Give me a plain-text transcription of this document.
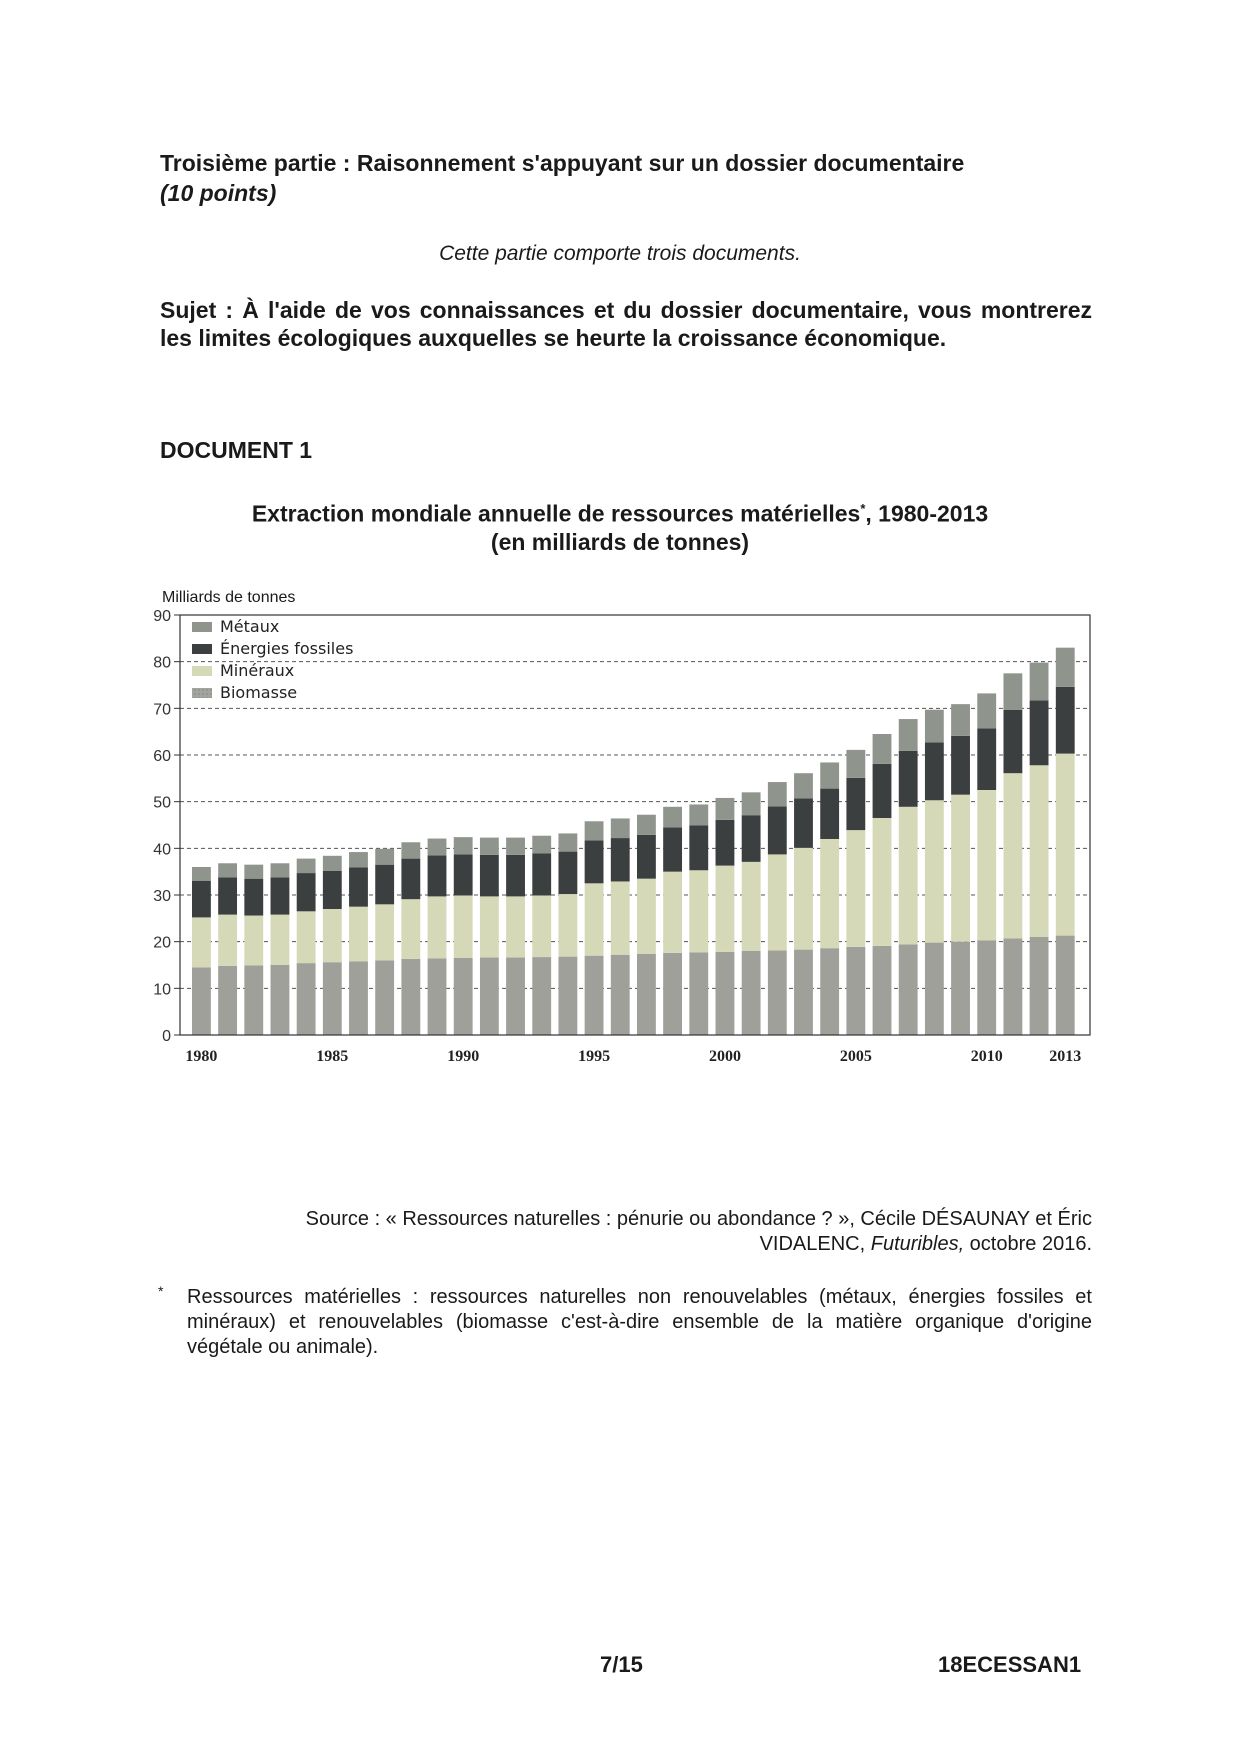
Troisième partie : Raisonnement s'appuyant sur un dossier documentaire
(10 points)
Cette partie comporte trois documents.
Sujet : À l'aide de vos connaissances et du dossier documentaire, vous montrerez les limites écologiques auxquelles se heurte la croissance économique.
DOCUMENT 1
Extraction mondiale annuelle de ressources matérielles*, 1980-2013
(en milliards de tonnes)
Milliards de tonnes
0
10
20
30
40
50
60
70
80
90
1980	1985	1990	1995	2000	2005	2010	2013
Métaux
Énergies fossiles
Minéraux
Biomasse
Source : « Ressources naturelles : pénurie ou abondance ? », Cécile DÉSAUNAY et Éric
VIDALENC, Futuribles, octobre 2016.
* Ressources matérielles : ressources naturelles non renouvelables (métaux, énergies fossiles et minéraux) et renouvelables (biomasse c'est-à-dire ensemble de la matière organique d'origine végétale ou animale).
7/15	18ECESSAN1
